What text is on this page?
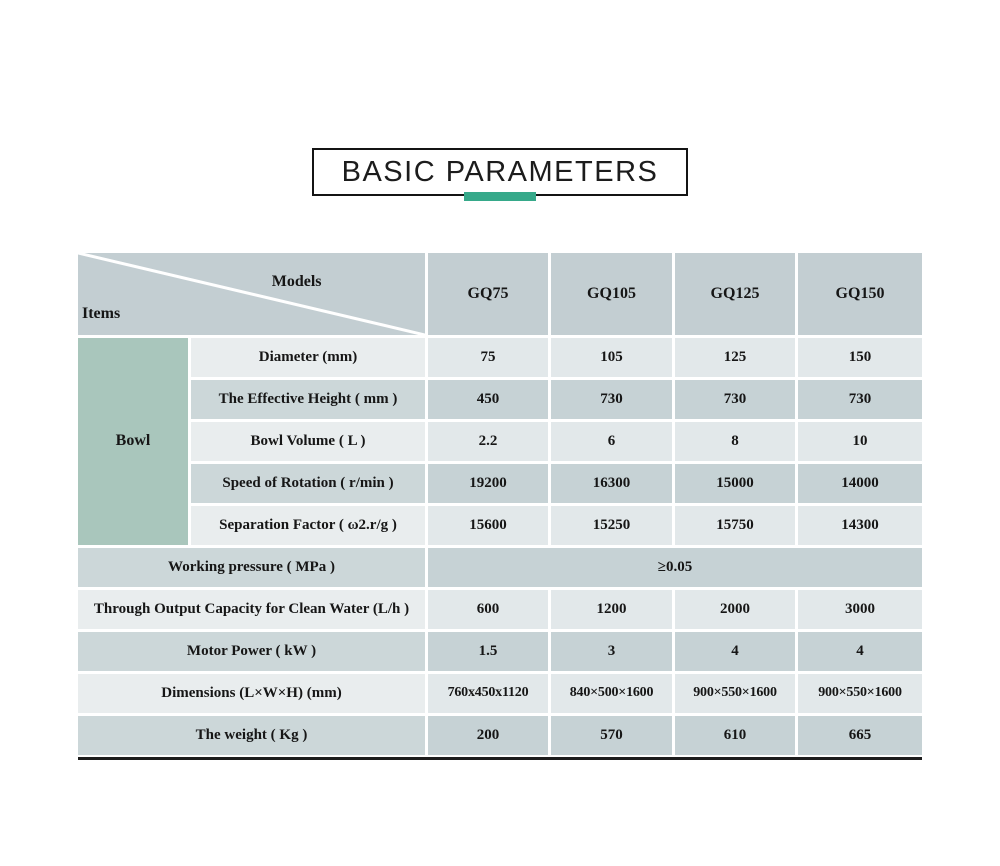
BASIC PARAMETERS
Models
Items
GQ75	GQ105	GQ125	GQ150
Bowl
Diameter (mm)	75	105	125	150
The Effective Height ( mm )	450	730	730	730
Bowl Volume ( L )	2.2	6	8	10
Speed of Rotation ( r/min )	19200	16300	15000	14000
Separation Factor ( ω2.r/g )	15600	15250	15750	14300
Working pressure ( MPa )	≥0.05
Through Output Capacity for Clean Water (L/h )	600	1200	2000	3000
Motor Power ( kW )	1.5	3	4	4
Dimensions (L×W×H) (mm)	760x450x1120	840×500×1600	900×550×1600	900×550×1600
The weight ( Kg )	200	570	610	665
